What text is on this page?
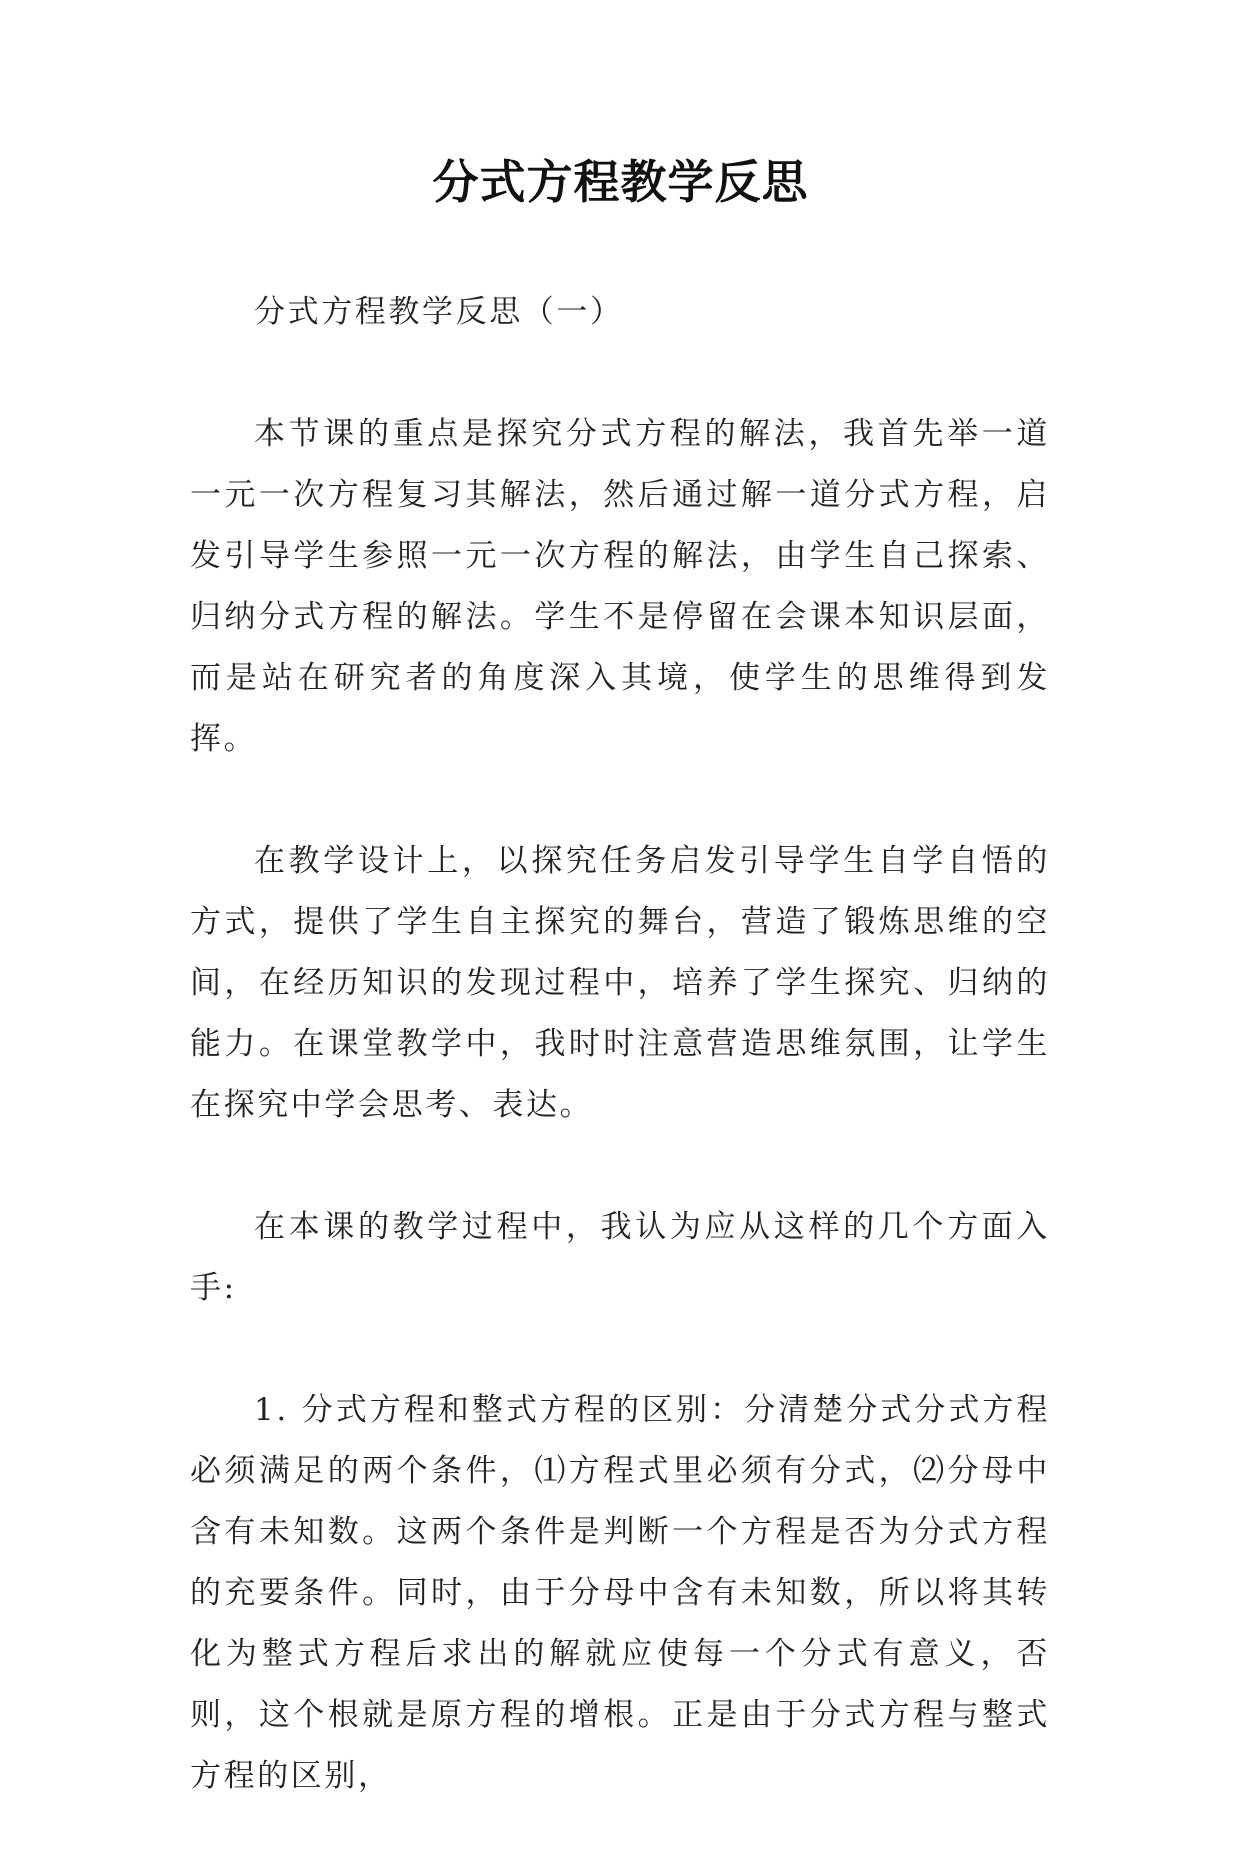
分式方程教学反思

分式方程教学反思（一）

本节课的重点是探究分式方程的解法，我首先举一道一元一次方程复习其解法，然后通过解一道分式方程，启发引导学生参照一元一次方程的解法，由学生自己探索、归纳分式方程的解法。学生不是停留在会课本知识层面，而是站在研究者的角度深入其境，使学生的思维得到发挥。

在教学设计上，以探究任务启发引导学生自学自悟的方式，提供了学生自主探究的舞台，营造了锻炼思维的空间，在经历知识的发现过程中，培养了学生探究、归纳的能力。在课堂教学中，我时时注意营造思维氛围，让学生在探究中学会思考、表达。

在本课的教学过程中，我认为应从这样的几个方面入手:

1. 分式方程和整式方程的区别：分清楚分式分式方程必须满足的两个条件，⑴方程式里必须有分式，⑵分母中含有未知数。这两个条件是判断一个方程是否为分式方程的充要条件。同时，由于分母中含有未知数，所以将其转化为整式方程后求出的解就应使每一个分式有意义，否则，这个根就是原方程的增根。正是由于分式方程与整式方程的区别，
